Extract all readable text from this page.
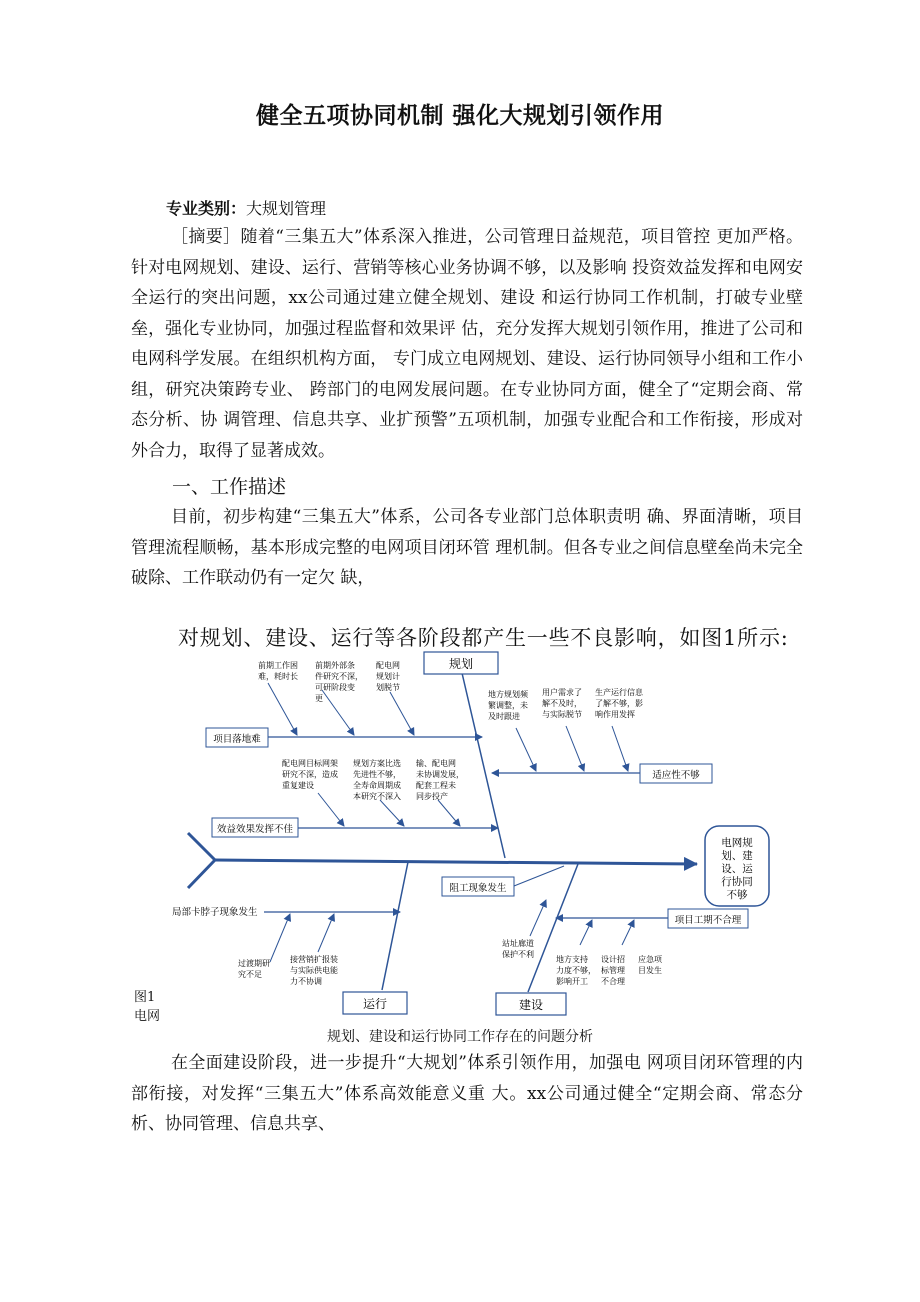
健全五项协同机制 强化大规划引领作用
专业类别：大规划管理

［摘要］随着“三集五大”体系深入推进，公司管理日益规范，项目管控 更加严格。针对电网规划、建设、运行、营销等核心业务协调不够，以及影响 投资效益发挥和电网安全运行的突出问题，xx公司通过建立健全规划、建设 和运行协同工作机制，打破专业壁垒，强化专业协同，加强过程监督和效果评 估，充分发挥大规划引领作用，推进了公司和电网科学发展。在组织机构方面， 专门成立电网规划、建设、运行协同领导小组和工作小组，研究决策跨专业、 跨部门的电网发展问题。在专业协同方面，健全了“定期会商、常态分析、协 调管理、信息共享、业扩预警”五项机制，加强专业配合和工作衔接，形成对 外合力，取得了显著成效。

一、工作描述

目前，初步构建“三集五大”体系，公司各专业部门总体职责明 确、界面清晰，项目管理流程顺畅，基本形成完整的电网项目闭环管 理机制。但各专业之间信息壁垒尚未完全破除、工作联动仍有一定欠 缺，

对规划、建设、运行等各阶段都产生一些不良影响，如图1所示:
电网规
划、建
设、运
行协同
不够
规划
运行	建设
项目落地难
前期工作困
难，耗时长
前期外部条
件研究不深，
可研阶段变
更
配电网
规划计
划脱节
适应性不够
地方规划频
繁调整，未
及时跟进
用户需求了
解不及时，
与实际脱节
生产运行信息
了解不够，影
响作用发挥
效益效果发挥不佳
配电网目标网架
研究不深，造成
重复建设
规划方案比选
先进性不够，
全寿命周期成
本研究不深入
输、配电网
未协调发展，
配套工程未
同步投产
阻工现象发生
局部卡脖子现象发生
过渡期研
究不足
接营销扩报装
与实际供电能
力不协调
项目工期不合理
站址廊道
保护不利
地方支持
力度不够，
影响开工
设计招
标管理
不合理
应急项
目发生
图1
电网
规划、建设和运行协同工作存在的问题分析

在全面建设阶段，进一步提升“大规划”体系引领作用，加强电 网项目闭环管理的内部衔接，对发挥“三集五大”体系高效能意义重 大。xx公司通过健全“定期会商、常态分析、协同管理、信息共享、
